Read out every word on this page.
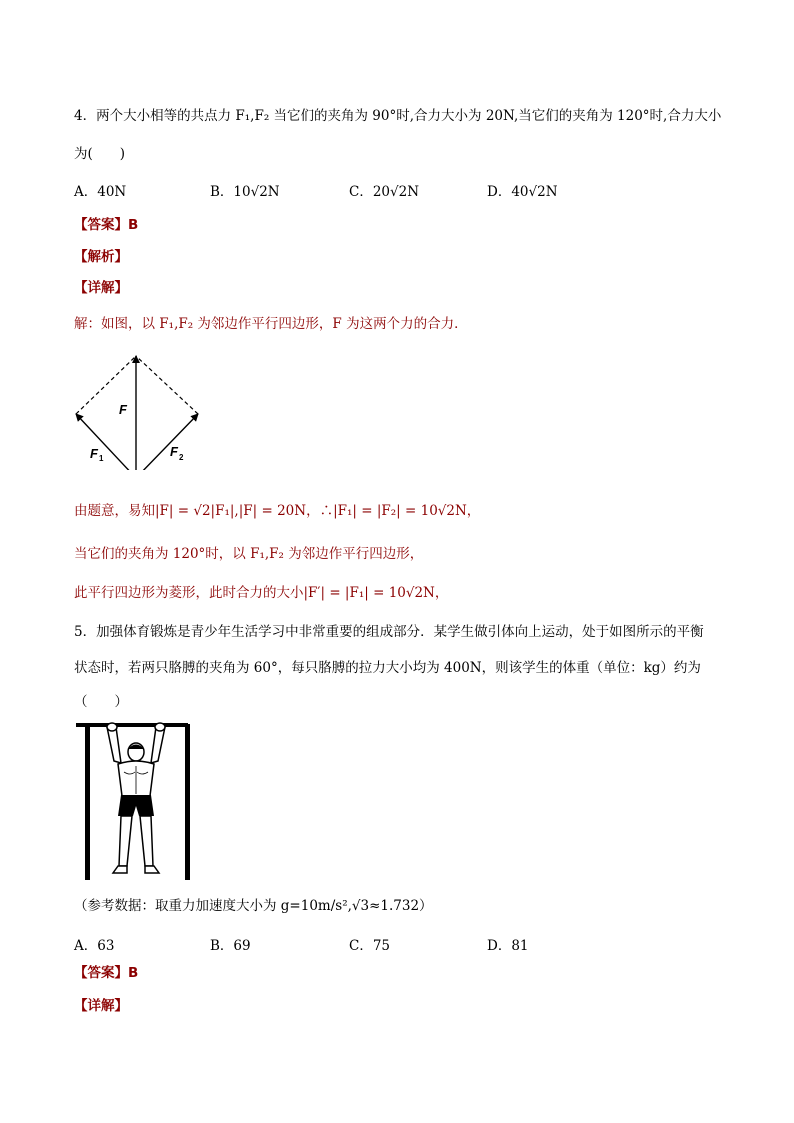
4．两个大小相等的共点力 F₁,F₂ 当它们的夹角为 90°时,合力大小为 20N,当它们的夹角为 120°时,合力大小
为(　　)
A．40N	B．10√2N	C．20√2N	D．40√2N
【答案】B
【解析】
【详解】
解：如图，以 F₁,F₂ 为邻边作平行四边形，F 为这两个力的合力．
F
F 1	F 2
由题意，易知|F| = √2|F₁|,|F| = 20N，∴|F₁| = |F₂| = 10√2N，
当它们的夹角为 120°时，以 F₁,F₂ 为邻边作平行四边形，
此平行四边形为菱形，此时合力的大小|F′| = |F₁| = 10√2N，
5．加强体育锻炼是青少年生活学习中非常重要的组成部分．某学生做引体向上运动，处于如图所示的平衡
状态时，若两只胳膊的夹角为 60°，每只胳膊的拉力大小均为 400N，则该学生的体重（单位：kg）约为
（　　）
（参考数据：取重力加速度大小为 g=10m/s²,√3≈1.732）
A．63	B．69	C．75	D．81
【答案】B
【详解】
